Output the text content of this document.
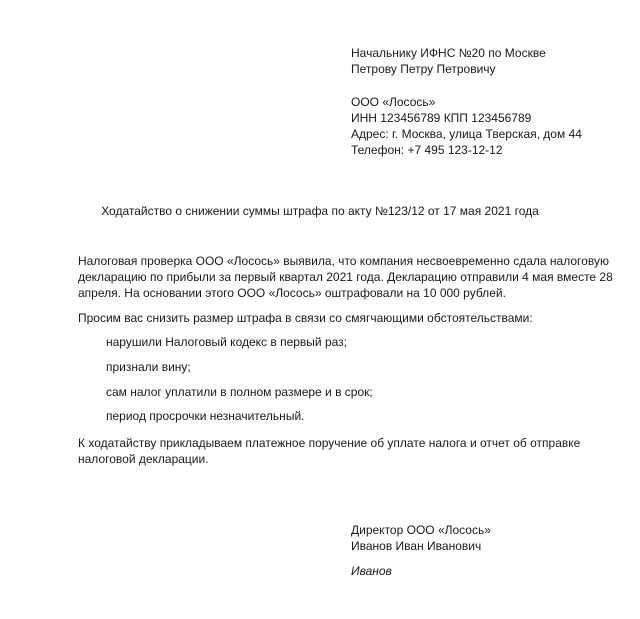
Начальнику ИФНС №20 по Москве
Петрову Петру Петровичу
ООО «Лосось»
ИНН 123456789 КПП 123456789
Адрес: г. Москва, улица Тверская, дом 44
Телефон: +7 495 123-12-12
Ходатайство о снижении суммы штрафа по акту №123/12 от 17 мая 2021 года
Налоговая проверка ООО «Лосось» выявила, что компания несвоевременно сдала налоговую
декларацию по прибыли за первый квартал 2021 года. Декларацию отправили 4 мая вместе 28
апреля. На основании этого ООО «Лосось» оштрафовали на 10 000 рублей.
Просим вас снизить размер штрафа в связи со смягчающими обстоятельствами:
нарушили Налоговый кодекс в первый раз;
признали вину;
сам налог уплатили в полном размере и в срок;
период просрочки незначительный.
К ходатайству прикладываем платежное поручение об уплате налога и отчет об отправке
налоговой декларации.
Директор ООО «Лосось»
Иванов Иван Иванович
Иванов
